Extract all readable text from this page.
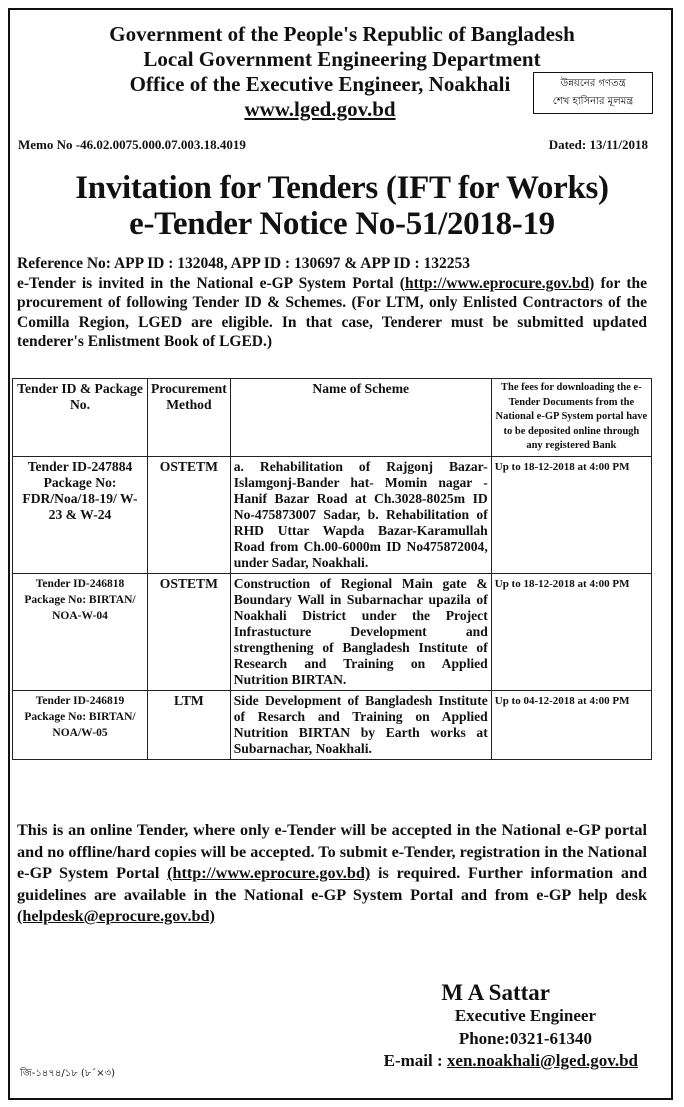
Government of the People's Republic of Bangladesh
Local Government Engineering Department
Office of the Executive Engineer, Noakhali
www.lged.gov.bd
উন্নয়নের গণতন্ত্র
শেখ হাসিনার মূলমন্ত্র
Memo No -46.02.0075.000.07.003.18.4019	Dated: 13/11/2018
Invitation for Tenders (IFT for Works)
e-Tender Notice No-51/2018-19
Reference No: APP ID : 132048, APP ID : 130697 & APP ID : 132253
e-Tender is invited in the National e-GP System Portal (http://www.eprocure.gov.bd) for the procurement of following Tender ID & Schemes. (For LTM, only Enlisted Contractors of the Comilla Region, LGED are eligible. In that case, Tenderer must be submitted updated tenderer's Enlistment Book of LGED.)
Tender ID & Package No.	Procurement Method	Name of Scheme	The fees for downloading the e-Tender Documents from the National e-GP System portal have to be deposited online through any registered Bank

Tender ID-247884
Package No: FDR/Noa/18-19/ W-23 & W-24	OSTETM	a. Rehabilitation of Rajgonj Bazar-Islamgonj-Bander hat- Momin nagar -Hanif Bazar Road at Ch.3028-8025m ID No-475873007 Sadar, b. Rehabilitation of RHD Uttar Wapda Bazar-Karamullah Road from Ch.00-6000m ID No475872004, under Sadar, Noakhali.	Up to 18-12-2018 at 4:00 PM

Tender ID-246818
Package No: BIRTAN/ NOA-W-04	OSTETM	Construction of Regional Main gate & Boundary Wall in Subarnachar upazila of Noakhali District under the Project Infrastucture Development and strengthening of Bangladesh Institute of Research and Training on Applied Nutrition BIRTAN.	Up to 18-12-2018 at 4:00 PM

Tender ID-246819
Package No: BIRTAN/ NOA/W-05	LTM	Side Development of Bangladesh Institute of Resarch and Training on Applied Nutrition BIRTAN by Earth works at Subarnachar, Noakhali.	Up to 04-12-2018 at 4:00 PM
This is an online Tender, where only e-Tender will be accepted in the National e-GP portal and no offline/hard copies will be accepted. To submit e-Tender, registration in the National e-GP System Portal (http://www.eprocure.gov.bd) is required. Further information and guidelines are available in the National e-GP System Portal and from e-GP help desk (helpdesk@eprocure.gov.bd)
M A Sattar
Executive Engineer
Phone:0321-61340
E-mail : xen.noakhali@lged.gov.bd
জি-১৪৭৪/১৮ (৮ˊ×৩)
